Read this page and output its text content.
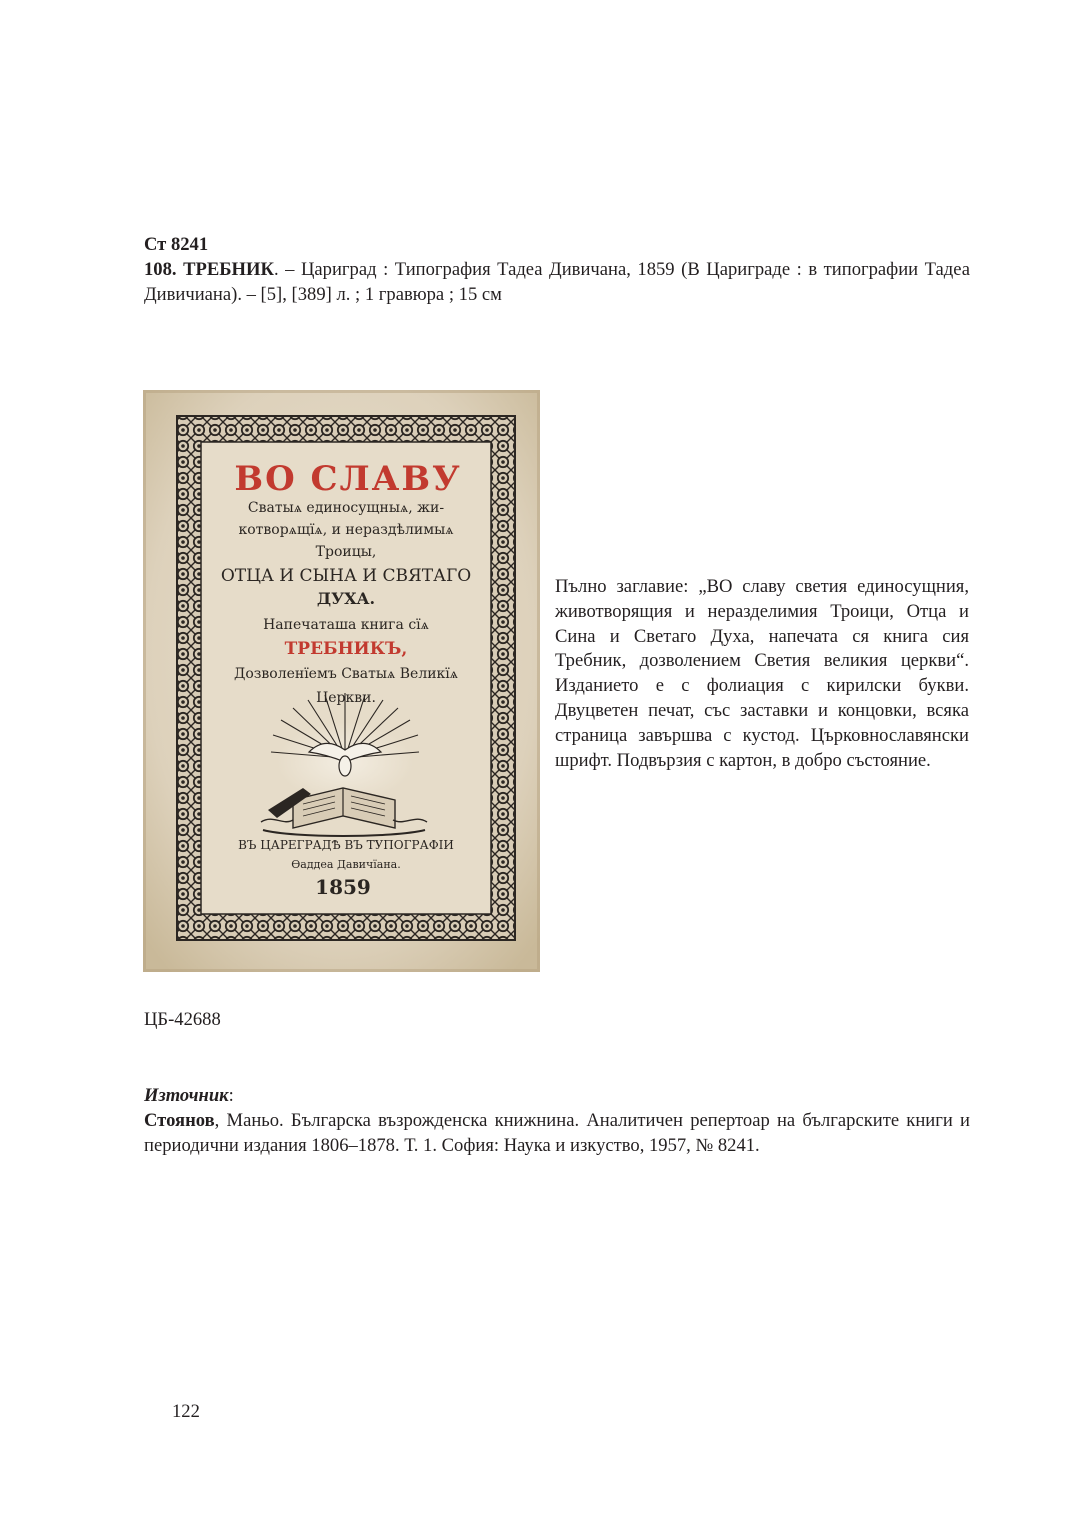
Ст 8241
108. ТРЕБНИК. – Цариград : Типография Тадеа Дивичана, 1859 (В Цариграде : в типографии Тадеа Дивичиана). – [5], [389] л. ; 1 гравюра ; 15 см
ВО СЛАВУ
Сватыѧ единосущныѧ, жи-
котворѧщїѧ, и нераздѣлимыѧ
Троицы,
ОТЦА И СЫНА И СВЯТАГО
ДУХА.
Напечаташа книга сїѧ
ТРЕБНИКЪ,
Дозволенїемъ Сватыѧ Великїѧ
Церкви.
ВЪ ЦАРЕГРАДѢ ВЪ ТУПОГРАФІИ
Ѳаддеа Давичїана.
1859
Пълно заглавие: „ВО славу светия единосущния, животворящия и неразделимия Троици, Отца и Сина и Светаго Духа, напечата ся книга сия Требник, дозволением Светия великия церкви“. Изданието е с фолиация с кирилски букви. Двуцветен печат, със заставки и концовки, всяка страница завършва с кустод. Църковнославянски шрифт. Подвързия с картон, в добро състояние.
ЦБ-42688
Източник:
Стоянов, Маньо. Българска възрожденска книжнина. Аналитичен репертоар на българските книги и периодични издания 1806–1878. Т. 1. София: Наука и изкуство, 1957, № 8241.
122
